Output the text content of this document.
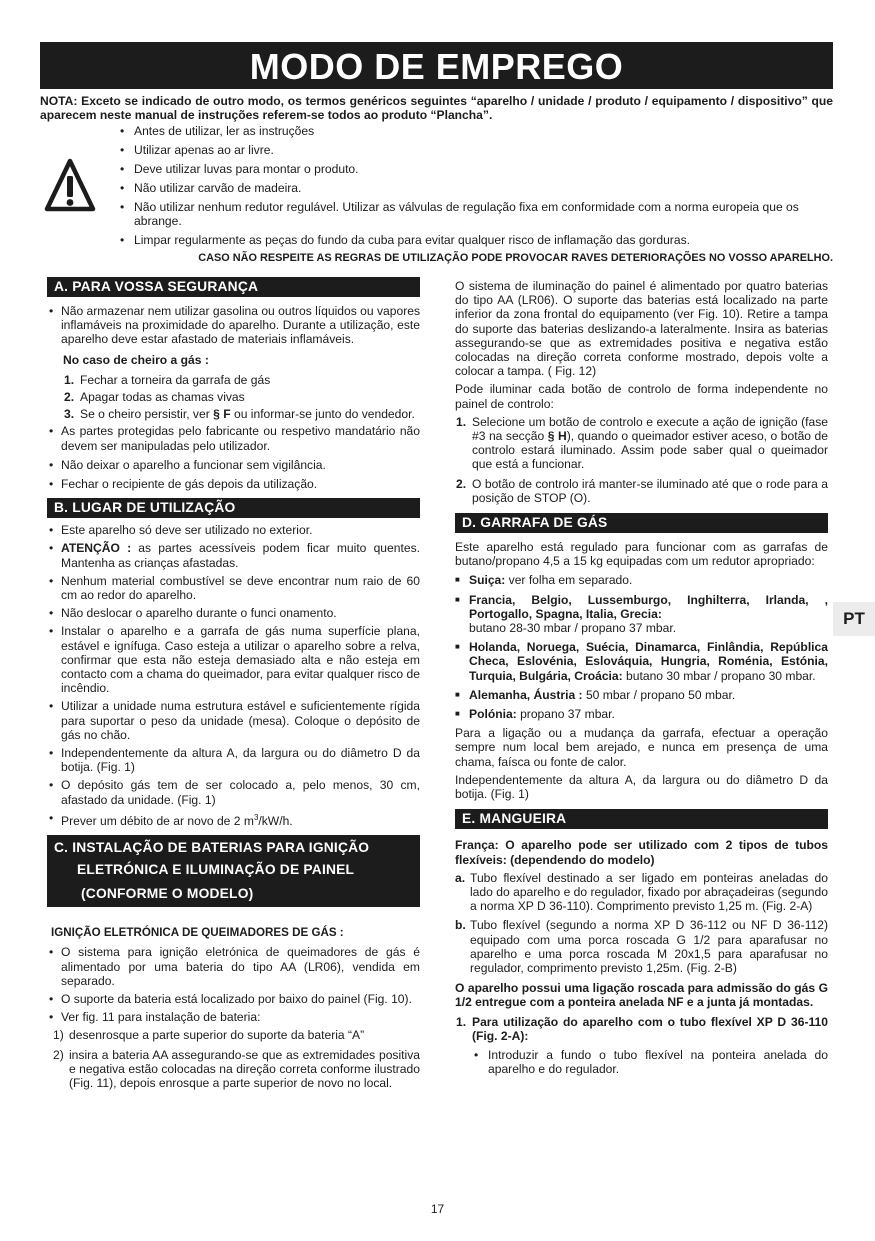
MODO DE EMPREGO
NOTA: Exceto se indicado de outro modo, os termos genéricos seguintes “aparelho / unidade / produto / equipamento / dispositivo” que aparecem neste manual de instruções referem-se todos ao produto “Plancha”.
• Antes de utilizar, ler as instruções
• Utilizar apenas ao ar livre.
• Deve utilizar luvas para montar o produto.
• Não utilizar carvão de madeira.
• Não utilizar nenhum redutor regulável. Utilizar as válvulas de regulação fixa em conformidade com a norma europeia que os abrange.
• Limpar regularmente as peças do fundo da cuba para evitar qualquer risco de inflamação das gorduras.
CASO NÃO RESPEITE AS REGRAS DE UTILIZAÇÃO PODE PROVOCAR RAVES DETERIORAÇÕES NO VOSSO APARELHO.
A. PARA VOSSA SEGURANÇA
• Não armazenar nem utilizar gasolina ou outros líquidos ou vapores inflamáveis na proximidade do aparelho. Durante a utilização, este aparelho deve estar afastado de materiais inflamáveis.

No caso de cheiro a gás :

1. Fechar a torneira da garrafa de gás
2. Apagar todas as chamas vivas
3. Se o cheiro persistir, ver § F ou informar-se junto do vendedor.
• As partes protegidas pelo fabricante ou respetivo mandatário não devem ser manipuladas pelo utilizador.
• Não deixar o aparelho a funcionar sem vigilância.
• Fechar o recipiente de gás depois da utilização.
B. LUGAR DE UTILIZAÇÃO
• Este aparelho só deve ser utilizado no exterior.
• ATENÇÃO : as partes acessíveis podem ficar muito quentes. Mantenha as crianças afastadas.
• Nenhum material combustível se deve encontrar num raio de 60 cm ao redor do aparelho.
• Não deslocar o aparelho durante o funci onamento.
• Instalar o aparelho e a garrafa de gás numa superfície plana, estável e ignífuga. Caso esteja a utilizar o aparelho sobre a relva, confirmar que esta não esteja demasiado alta e não esteja em contacto com a chama do queimador, para evitar qualquer risco de incêndio.
• Utilizar a unidade numa estrutura estável e suficientemente rígida para suportar o peso da unidade (mesa). Coloque o depósito de gás no chão.
• Independentemente da altura A, da largura ou do diâmetro D da botija. (Fig. 1)
• O depósito gás tem de ser colocado a, pelo menos, 30 cm, afastado da unidade. (Fig. 1)
• Prever um débito de ar novo de 2 $m^3/kW/h$.
C. INSTALAÇÃO DE BATERIAS PARA IGNIÇÃO
ELETRÓNICA E ILUMINAÇÃO DE PAINEL
(CONFORME O MODELO)

IGNIÇÃO ELETRÓNICA DE QUEIMADORES DE GÁS :

• O sistema para ignição eletrónica de queimadores de gás é alimentado por uma bateria do tipo AA (LR06), vendida em separado.
• O suporte da bateria está localizado por baixo do painel (Fig. 10).
• Ver fig. 11 para instalação de bateria:
1) desenrosque a parte superior do suporte da bateria “A”
2) insira a bateria AA assegurando-se que as extremidades positiva e negativa estão colocadas na direção correta conforme ilustrado (Fig. 11), depois enrosque a parte superior de novo no local.

O sistema de iluminação do painel é alimentado por quatro baterias do tipo AA (LR06). O suporte das baterias está localizado na parte inferior da zona frontal do equipamento (ver Fig. 10). Retire a tampa do suporte das baterias deslizando-a lateralmente. Insira as baterias assegurando-se que as extremidades positiva e negativa estão colocadas na direção correta conforme mostrado, depois volte a colocar a tampa. ( Fig. 12)

Pode iluminar cada botão de controlo de forma independente no painel de controlo:

1. Selecione um botão de controlo e execute a ação de ignição (fase #3 na secção § H), quando o queimador estiver aceso, o botão de controlo estará iluminado. Assim pode saber qual o queimador que está a funcionar.
2. O botão de controlo irá manter-se iluminado até que o rode para a posição de STOP (O).
D. GARRAFA DE GÁS

Este aparelho está regulado para funcionar com as garrafas de butano/propano 4,5 a 15 kg equipadas com um redutor apropriado:

■ Suiça: ver folha em separado.
■ Francia, Belgio, Lussemburgo, Inghilterra, Irlanda, , Portogallo, Spagna, Italia, Grecia:
butano 28-30 mbar / propano 37 mbar.
■ Holanda, Noruega, Suécia, Dinamarca, Finlândia, República Checa, Eslovénia, Eslováquia, Hungria, Roménia, Estónia, Turquia, Bulgária, Croácia: butano 30 mbar / propano 30 mbar.
■ Alemanha, Áustria : 50 mbar / propano 50 mbar.
■ Polónia: propano 37 mbar.

Para a ligação ou a mudança da garrafa, efectuar a operação sempre num local bem arejado, e nunca em presença de uma chama, faísca ou fonte de calor.

Independentemente da altura A, da largura ou do diâmetro D da botija. (Fig. 1)

E. MANGUEIRA

França: O aparelho pode ser utilizado com 2 tipos de tubos flexíveis: (dependendo do modelo)

a. Tubo flexível destinado a ser ligado em ponteiras aneladas do lado do aparelho e do regulador, fixado por abraçadeiras (segundo a norma XP D 36-110). Comprimento previsto 1,25 m. (Fig. 2-A)
b. Tubo flexível (segundo a norma XP D 36-112 ou NF D 36-112) equipado com uma porca roscada G 1/2 para aparafusar no aparelho e uma porca roscada M 20x1,5 para aparafusar no regulador, comprimento previsto 1,25m. (Fig. 2-B)

O aparelho possui uma ligação roscada para admissão do gás G 1/2 entregue com a ponteira anelada NF e a junta já montadas.

1. Para utilização do aparelho com o tubo flexível XP D 36-110 (Fig. 2-A):
• Introduzir a fundo o tubo flexível na ponteira anelada do aparelho e do regulador.
PT
17
